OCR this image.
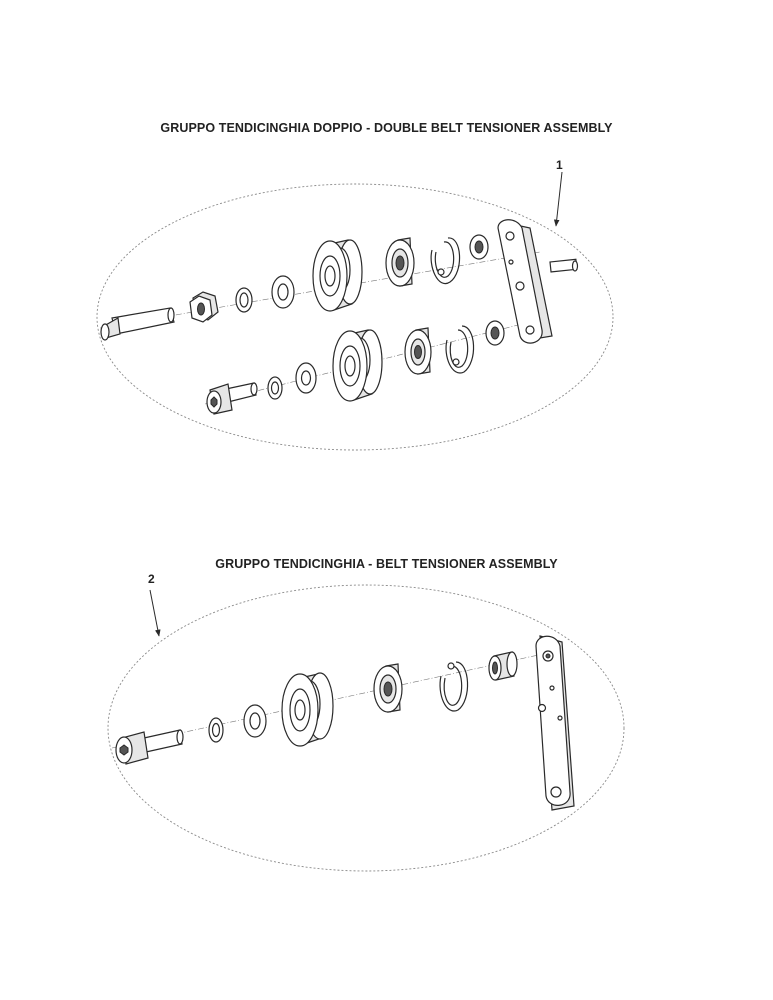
GRUPPO TENDICINGHIA DOPPIO - DOUBLE BELT TENSIONER ASSEMBLY
1
GRUPPO TENDICINGHIA - BELT TENSIONER ASSEMBLY
2
